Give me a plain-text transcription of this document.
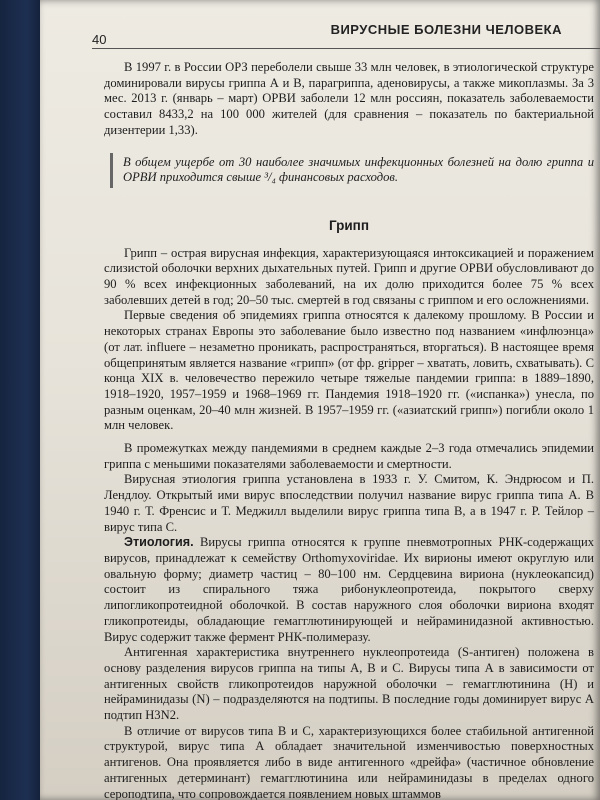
40
ВИРУСНЫЕ БОЛЕЗНИ ЧЕЛОВЕКА

В 1997 г. в России ОРЗ переболели свыше 33 млн человек, в этиологической структуре доминировали вирусы гриппа А и В, парагриппа, аденовирусы, а также микоплазмы. За 3 мес. 2013 г. (январь – март) ОРВИ заболели 12 млн россиян, показатель заболеваемости составил 8433,2 на 100 000 жителей (для сравнения – показатель по бактериальной дизентерии 1,33).

В общем ущербе от 30 наиболее значимых инфекционных болезней на долю гриппа и ОРВИ приходится свыше ³/₄ финансовых расходов.
Грипп

Грипп – острая вирусная инфекция, характеризующаяся интоксикацией и поражением слизистой оболочки верхних дыхательных путей. Грипп и другие ОРВИ обусловливают до 90 % всех инфекционных заболеваний, на их долю приходится более 75 % всех заболевших детей в год; 20–50 тыс. смертей в год связаны с гриппом и его осложнениями.

Первые сведения об эпидемиях гриппа относятся к далекому прошлому. В России и некоторых странах Европы это заболевание было известно под названием «инфлюэнца» (от лат. influere – незаметно проникать, распространяться, вторгаться). В настоящее время общепринятым является название «грипп» (от фр. gripper – хватать, ловить, схватывать). С конца XIX в. человечество пережило четыре тяжелые пандемии гриппа: в 1889–1890, 1918–1920, 1957–1959 и 1968–1969 гг. Пандемия 1918–1920 гг. («испанка») унесла, по разным оценкам, 20–40 млн жизней. В 1957–1959 гг. («азиатский грипп») погибли около 1 млн человек.

В промежутках между пандемиями в среднем каждые 2–3 года отмечались эпидемии гриппа с меньшими показателями заболеваемости и смертности.

Вирусная этиология гриппа установлена в 1933 г. У. Смитом, К. Эндрюсом и П. Лендлоу. Открытый ими вирус впоследствии получил название вирус гриппа типа А. В 1940 г. Т. Френсис и Т. Меджилл выделили вирус гриппа типа В, а в 1947 г. Р. Тейлор – вирус типа С.

Этиология. Вирусы гриппа относятся к группе пневмотропных РНК-содержащих вирусов, принадлежат к семейству Orthomyxoviridae. Их вирионы имеют округлую или овальную форму; диаметр частиц – 80–100 нм. Сердцевина вириона (нуклеокапсид) состоит из спирального тяжа рибонуклеопротеида, покрытого сверху липогликопротеидной оболочкой. В состав наружного слоя оболочки вириона входят гликопротеиды, обладающие гемагглютинирующей и нейраминидазной активностью. Вирус содержит также фермент РНК-полимеразу.

Антигенная характеристика внутреннего нуклеопротеида (S-антиген) положена в основу разделения вирусов гриппа на типы А, В и С. Вирусы типа А в зависимости от антигенных свойств гликопротеидов наружной оболочки – гемагглютинина (Н) и нейраминидазы (N) – подразделяются на подтипы. В последние годы доминирует вирус А подтип H3N2.

В отличие от вирусов типа В и С, характеризующихся более стабильной антигенной структурой, вирус типа А обладает значительной изменчивостью поверхностных антигенов. Она проявляется либо в виде антигенного «дрейфа» (частичное обновление антигенных детерминант) гемагглютинина или нейраминидазы в пределах одного сероподтипа, что сопровождается появлением новых штаммов
